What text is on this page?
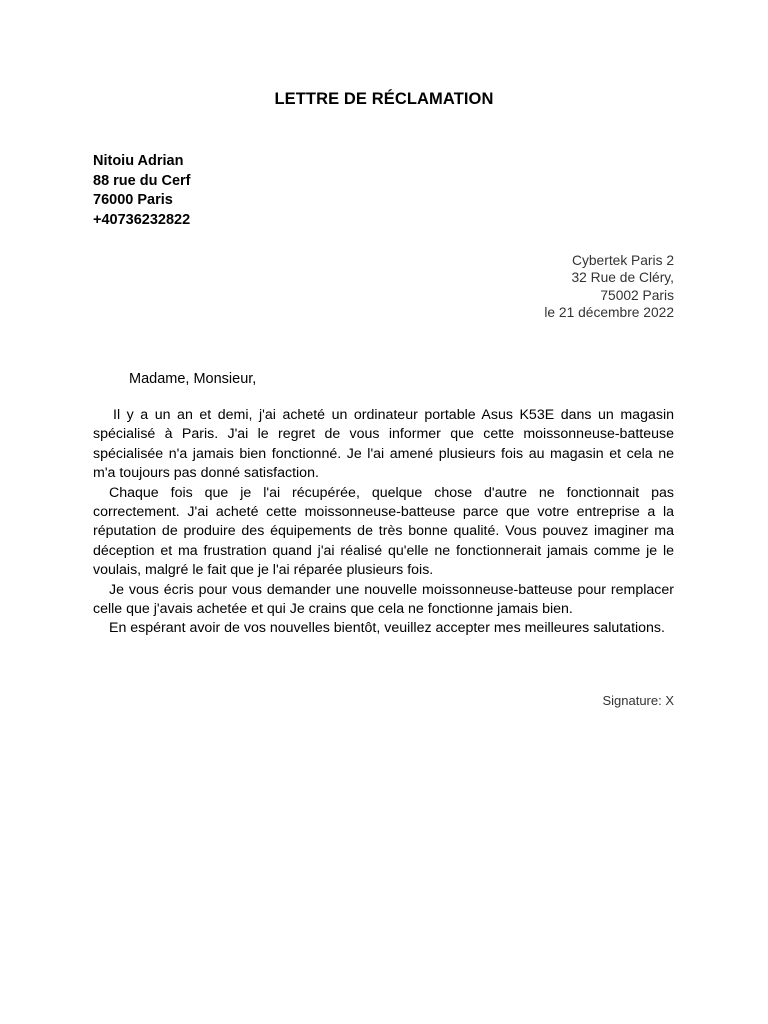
LETTRE DE RÉCLAMATION
Nitoiu Adrian
88 rue du Cerf
76000 Paris
+40736232822
Cybertek Paris 2
32 Rue de Cléry,
75002 Paris
le 21 décembre 2022
Madame, Monsieur,

Il y a un an et demi, j'ai acheté un ordinateur portable Asus K53E dans un magasin spécialisé à Paris. J'ai le regret de vous informer que cette moissonneuse-batteuse spécialisée n'a jamais bien fonctionné. Je l'ai amené plusieurs fois au magasin et cela ne m'a toujours pas donné satisfaction.

Chaque fois que je l'ai récupérée, quelque chose d'autre ne fonctionnait pas correctement. J'ai acheté cette moissonneuse-batteuse parce que votre entreprise a la réputation de produire des équipements de très bonne qualité. Vous pouvez imaginer ma déception et ma frustration quand j'ai réalisé qu'elle ne fonctionnerait jamais comme je le voulais, malgré le fait que je l'ai réparée plusieurs fois.

Je vous écris pour vous demander une nouvelle moissonneuse-batteuse pour remplacer celle que j'avais achetée et qui Je crains que cela ne fonctionne jamais bien.

En espérant avoir de vos nouvelles bientôt, veuillez accepter mes meilleures salutations.

Signature: X
